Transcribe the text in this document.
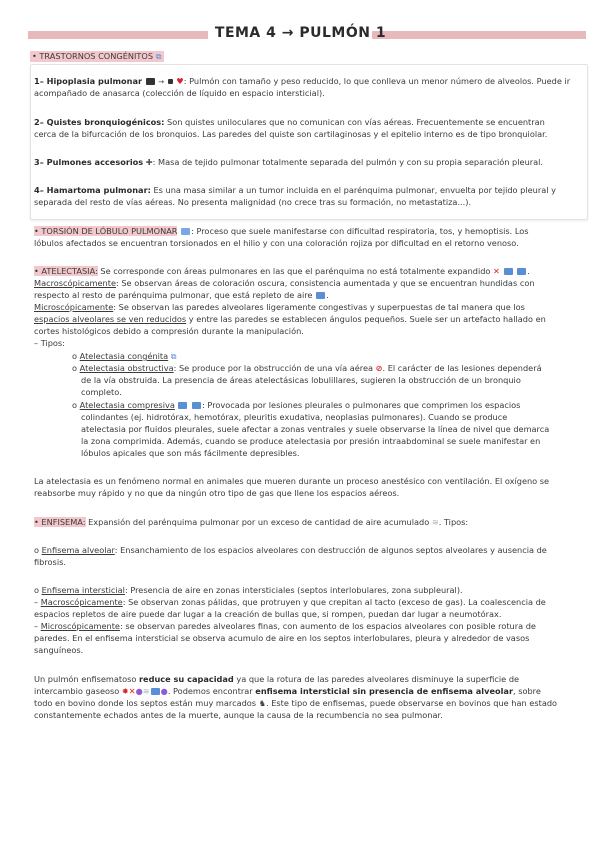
TEMA 4 → PULMÓN 1
• TRASTORNOS CONGÉNITOS ⧉
1– Hipoplasia pulmonar → ♥: Pulmón con tamaño y peso reducido, lo que conlleva un menor número de alveolos. Puede ir
acompañado de anasarca (colección de líquido en espacio intersticial).
2– Quistes bronquiogénicos: Son quistes uniloculares que no comunican con vías aéreas. Frecuentemente se encuentran
cerca de la bifurcación de los bronquios. Las paredes del quiste son cartilaginosas y el epitelio interno es de tipo bronquiolar.
3– Pulmones accesorios ✚: Masa de tejido pulmonar totalmente separada del pulmón y con su propia separación pleural.
4– Hamartoma pulmonar: Es una masa similar a un tumor incluida en el parénquima pulmonar, envuelta por tejido pleural y
separada del resto de vías aéreas. No presenta malignidad (no crece tras su formación, no metastatiza...).
• TORSIÓN DE LÓBULO PULMONAR : Proceso que suele manifestarse con dificultad respiratoria, tos, y hemoptisis. Los
lóbulos afectados se encuentran torsionados en el hilio y con una coloración rojiza por dificultad en el retorno venoso.
• ATELECTASIA: Se corresponde con áreas pulmonares en las que el parénquima no está totalmente expandido ✕	.
Macroscópicamente: Se observan áreas de coloración oscura, consistencia aumentada y que se encuentran hundidas con
respecto al resto de parénquima pulmonar, que está repleto de aire .
Microscópicamente: Se observan las paredes alveolares ligeramente congestivas y superpuestas de tal manera que los
espacios alveolares se ven reducidos y entre las paredes se establecen ángulos pequeños. Suele ser un artefacto hallado en
cortes histológicos debido a compresión durante la manipulación.
– Tipos:
o Atelectasia congénita ⧉
o Atelectasia obstructiva: Se produce por la obstrucción de una vía aérea ⊘. El carácter de las lesiones dependerá
de la vía obstruida. La presencia de áreas atelectásicas lobulillares, sugieren la obstrucción de un bronquio
completo.
o Atelectasia compresiva	: Provocada por lesiones pleurales o pulmonares que comprimen los espacios
colindantes (ej. hidrotórax, hemotórax, pleuritis exudativa, neoplasias pulmonares). Cuando se produce
atelectasia por fluidos pleurales, suele afectar a zonas ventrales y suele observarse la línea de nivel que demarca
la zona comprimida. Además, cuando se produce atelectasia por presión intraabdominal se suele manifestar en
lóbulos apicales que son más fácilmente depresibles.
La atelectasia es un fenómeno normal en animales que mueren durante un proceso anestésico con ventilación. El oxígeno se
reabsorbe muy rápido y no que da ningún otro tipo de gas que llene los espacios aéreos.
• ENFISEMA: Expansión del parénquima pulmonar por un exceso de cantidad de aire acumulado ≋. Tipos:
o Enfisema alveolar: Ensanchamiento de los espacios alveolares con destrucción de algunos septos alveolares y ausencia de
fibrosis.
o Enfisema intersticial: Presencia de aire en zonas intersticiales (septos interlobulares, zona subpleural).
– Macroscópicamente: Se observan zonas pálidas, que protruyen y que crepitan al tacto (exceso de gas). La coalescencia de
espacios repletos de aire puede dar lugar a la creación de bullas que, si rompen, puedan dar lugar a neumotórax.
– Microscópicamente: se observan paredes alveolares finas, con aumento de los espacios alveolares con posible rotura de
paredes. En el enfisema intersticial se observa acumulo de aire en los septos interlobulares, pleura y alrededor de vasos
sanguíneos.
Un pulmón enfisematoso reduce su capacidad ya que la rotura de las paredes alveolares disminuye la superficie de
intercambio gaseoso ✸✕●≋ ●. Podemos encontrar enfisema intersticial sin presencia de enfisema alveolar, sobre
todo en bovino donde los septos están muy marcados ♞. Este tipo de enfisemas, puede observarse en bovinos que han estado
constantemente echados antes de la muerte, aunque la causa de la recumbencia no sea pulmonar.
